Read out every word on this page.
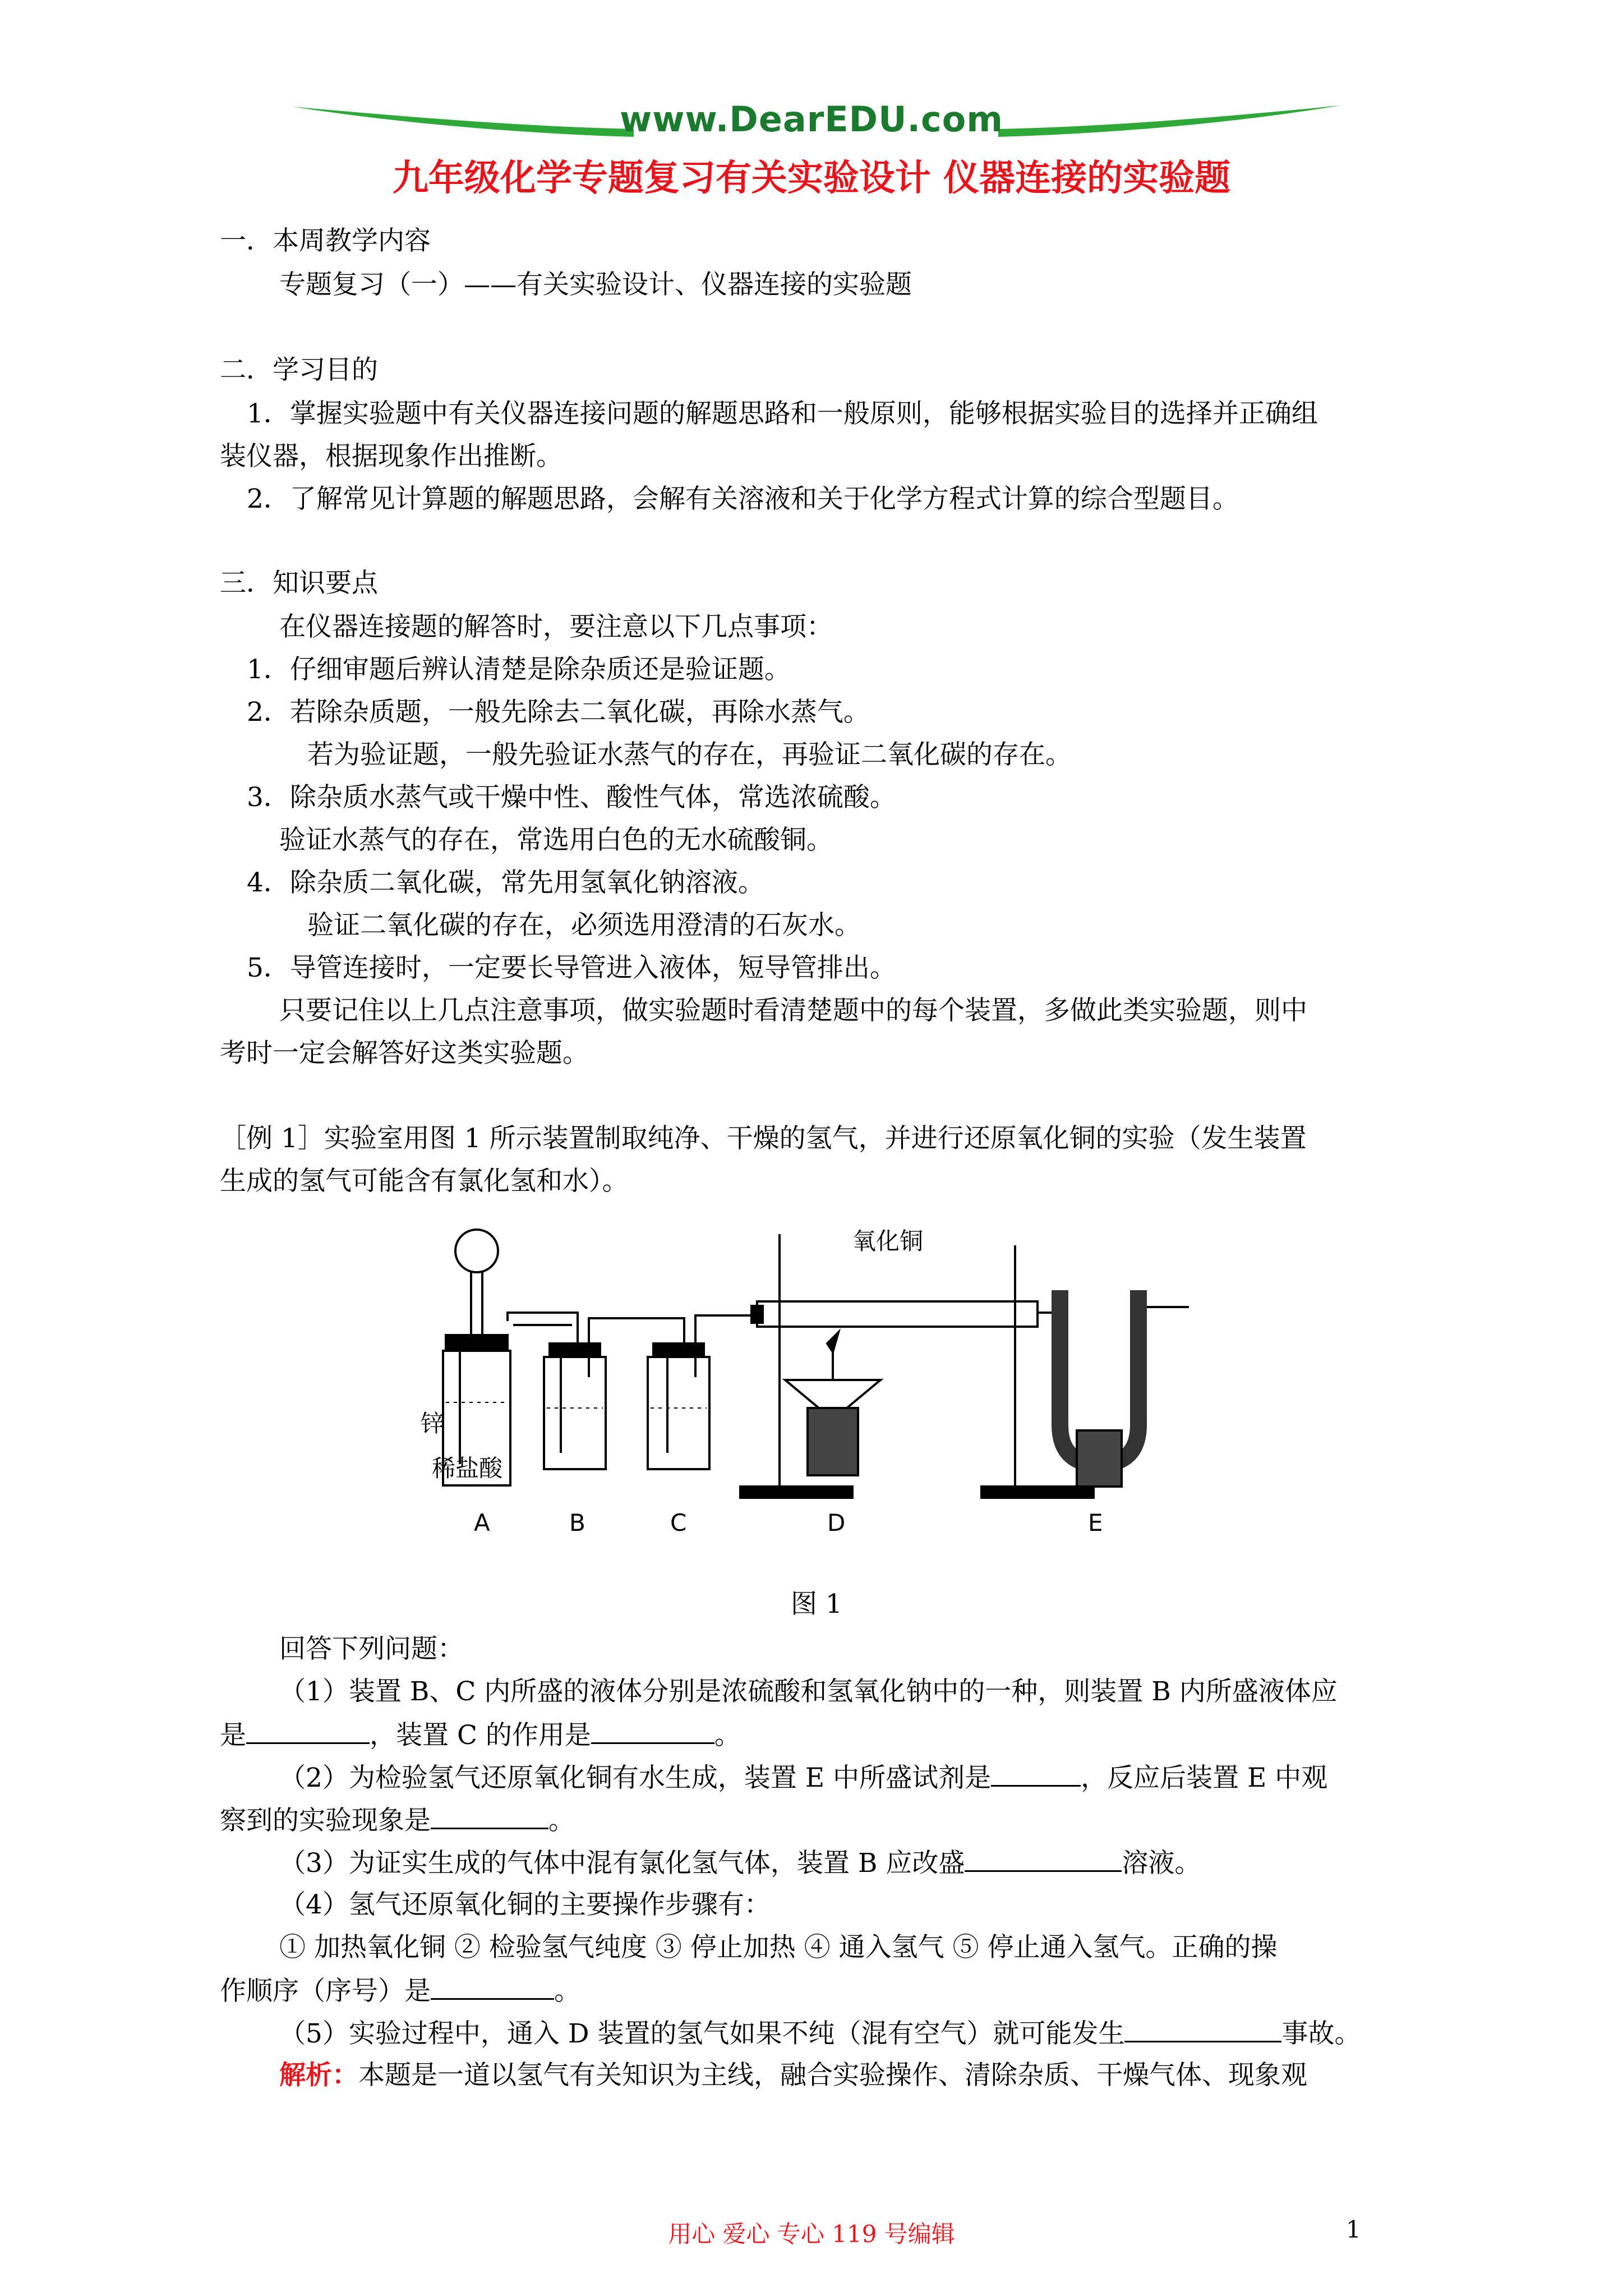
www.DearEDU.com
九年级化学专题复习有关实验设计 仪器连接的实验题
一．本周教学内容
专题复习（一）——有关实验设计、仪器连接的实验题
二．学习目的
1．掌握实验题中有关仪器连接问题的解题思路和一般原则，能够根据实验目的选择并正确组
装仪器，根据现象作出推断。
2．了解常见计算题的解题思路，会解有关溶液和关于化学方程式计算的综合型题目。
三．知识要点
在仪器连接题的解答时，要注意以下几点事项：
1．仔细审题后辨认清楚是除杂质还是验证题。
2．若除杂质题，一般先除去二氧化碳，再除水蒸气。
若为验证题，一般先验证水蒸气的存在，再验证二氧化碳的存在。
3．除杂质水蒸气或干燥中性、酸性气体，常选浓硫酸。
验证水蒸气的存在，常选用白色的无水硫酸铜。
4．除杂质二氧化碳，常先用氢氧化钠溶液。
验证二氧化碳的存在，必须选用澄清的石灰水。
5．导管连接时，一定要长导管进入液体，短导管排出。
只要记住以上几点注意事项，做实验题时看清楚题中的每个装置，多做此类实验题，则中
考时一定会解答好这类实验题。
［例 1］实验室用图 1 所示装置制取纯净、干燥的氢气，并进行还原氧化铜的实验（发生装置
生成的氢气可能含有氯化氢和水）。
氧化铜
锌
稀盐酸
A	B	C	D	E
图 1
回答下列问题：
（1）装置 B、C 内所盛的液体分别是浓硫酸和氢氧化钠中的一种，则装置 B 内所盛液体应
是	，装置 C 的作用是	。
（2）为检验氢气还原氧化铜有水生成，装置 E 中所盛试剂是	，反应后装置 E 中观
察到的实验现象是	。
（3）为证实生成的气体中混有氯化氢气体，装置 B 应改盛	溶液。
（4）氢气还原氧化铜的主要操作步骤有：
① 加热氧化铜 ② 检验氢气纯度 ③ 停止加热 ④ 通入氢气 ⑤ 停止通入氢气。正确的操
作顺序（序号）是	。
（5）实验过程中，通入 D 装置的氢气如果不纯（混有空气）就可能发生	事故。
解析：本题是一道以氢气有关知识为主线，融合实验操作、清除杂质、干燥气体、现象观
用心 爱心 专心 119 号编辑	1
